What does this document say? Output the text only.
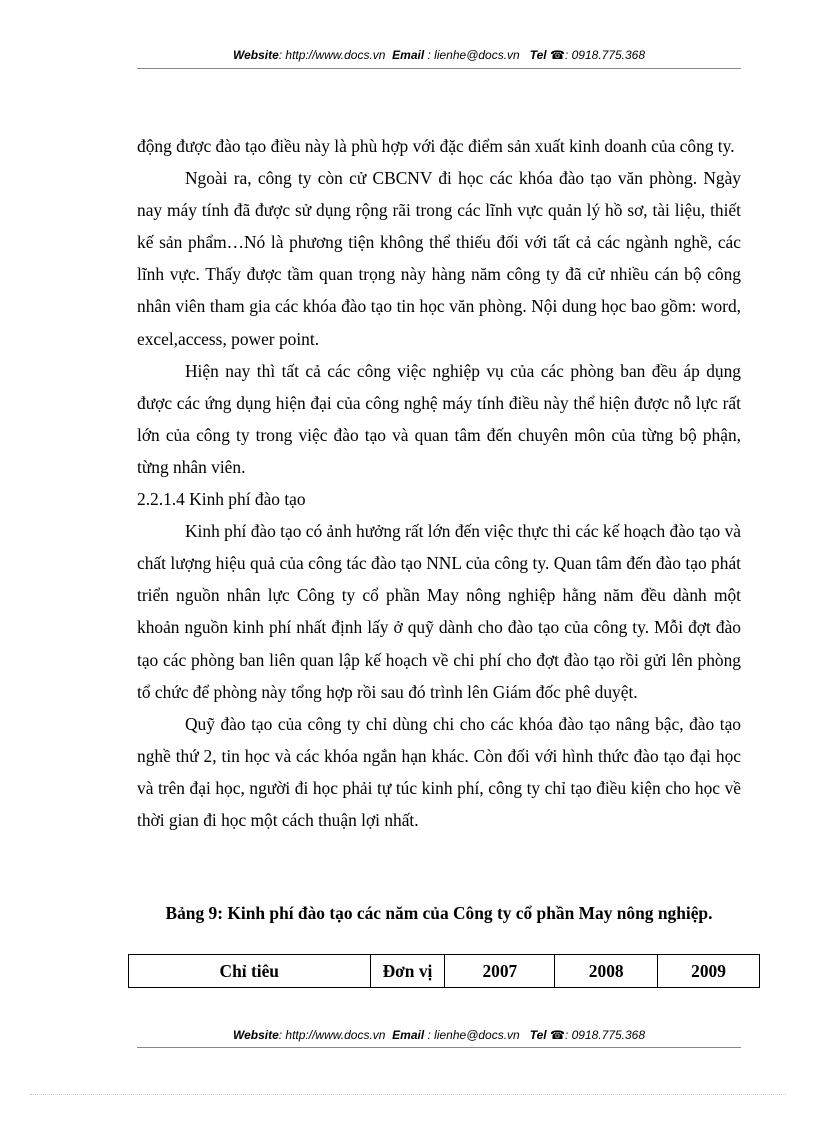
Website: http://www.docs.vn Email : lienhe@docs.vn Tel ☎: 0918.775.368

động được đào tạo điều này là phù hợp với đặc điểm sản xuất kinh doanh của công ty.

Ngoài ra, công ty còn cử CBCNV đi học các khóa đào tạo văn phòng. Ngày nay máy tính đã được sử dụng rộng rãi trong các lĩnh vực quản lý hồ sơ, tài liệu, thiết kế sản phẩm…Nó là phương tiện không thể thiếu đối với tất cả các ngành nghề, các lĩnh vực. Thấy được tầm quan trọng này hàng năm công ty đã cử nhiều cán bộ công nhân viên tham gia các khóa đào tạo tin học văn phòng. Nội dung học bao gồm: word, excel,access, power point.

Hiện nay thì tất cả các công việc nghiệp vụ của các phòng ban đều áp dụng được các ứng dụng hiện đại của công nghệ máy tính điều này thể hiện được nỗ lực rất lớn của công ty trong việc đào tạo và quan tâm đến chuyên môn của từng bộ phận, từng nhân viên.

2.2.1.4 Kinh phí đào tạo

Kinh phí đào tạo có ảnh hưởng rất lớn đến việc thực thi các kế hoạch đào tạo và chất lượng hiệu quả của công tác đào tạo NNL của công ty. Quan tâm đến đào tạo phát triển nguồn nhân lực Công ty cổ phần May nông nghiệp hằng năm đều dành một khoản nguồn kinh phí nhất định lấy ở quỹ dành cho đào tạo của công ty. Mỗi đợt đào tạo các phòng ban liên quan lập kế hoạch về chi phí cho đợt đào tạo rồi gửi lên phòng tổ chức để phòng này tổng hợp rồi sau đó trình lên Giám đốc phê duyệt.

Quỹ đào tạo của công ty chỉ dùng chi cho các khóa đào tạo nâng bậc, đào tạo nghề thứ 2, tin học và các khóa ngắn hạn khác. Còn đối với hình thức đào tạo đại học và trên đại học, người đi học phải tự túc kinh phí, công ty chỉ tạo điều kiện cho học về thời gian đi học một cách thuận lợi nhất.

Bảng 9: Kinh phí đào tạo các năm của Công ty cổ phần May nông nghiệp.
Chỉ tiêu	Đơn vị	2007	2008	2009
Website: http://www.docs.vn Email : lienhe@docs.vn Tel ☎: 0918.775.368
